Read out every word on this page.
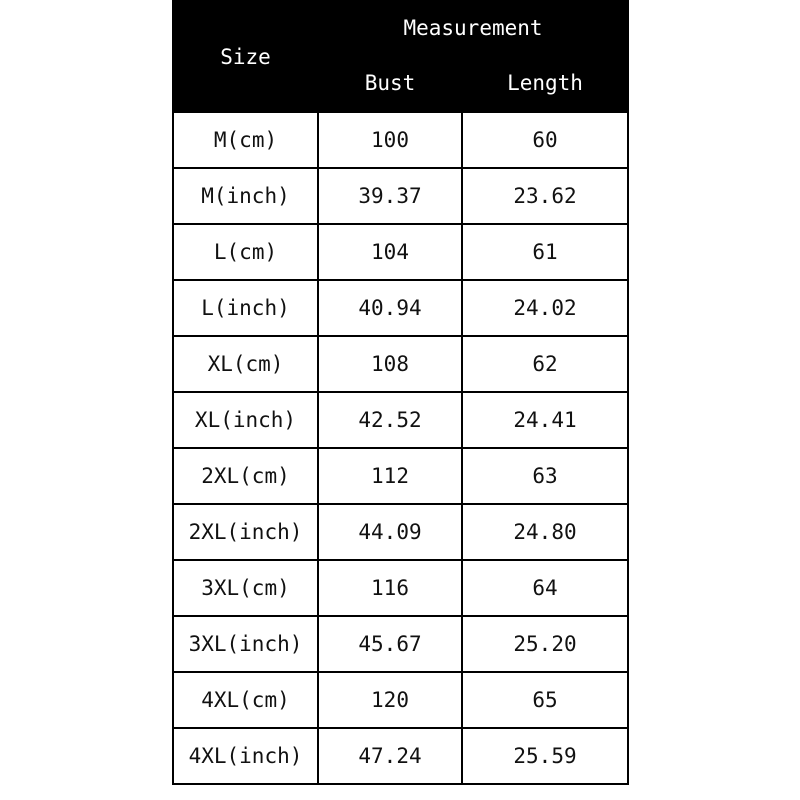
Size	Measurement	
	Bust	Length
M(cm)	100	60
M(inch)	39.37	23.62
L(cm)	104	61
L(inch)	40.94	24.02
XL(cm)	108	62
XL(inch)	42.52	24.41
2XL(cm)	112	63
2XL(inch)	44.09	24.80
3XL(cm)	116	64
3XL(inch)	45.67	25.20
4XL(cm)	120	65
4XL(inch)	47.24	25.59
